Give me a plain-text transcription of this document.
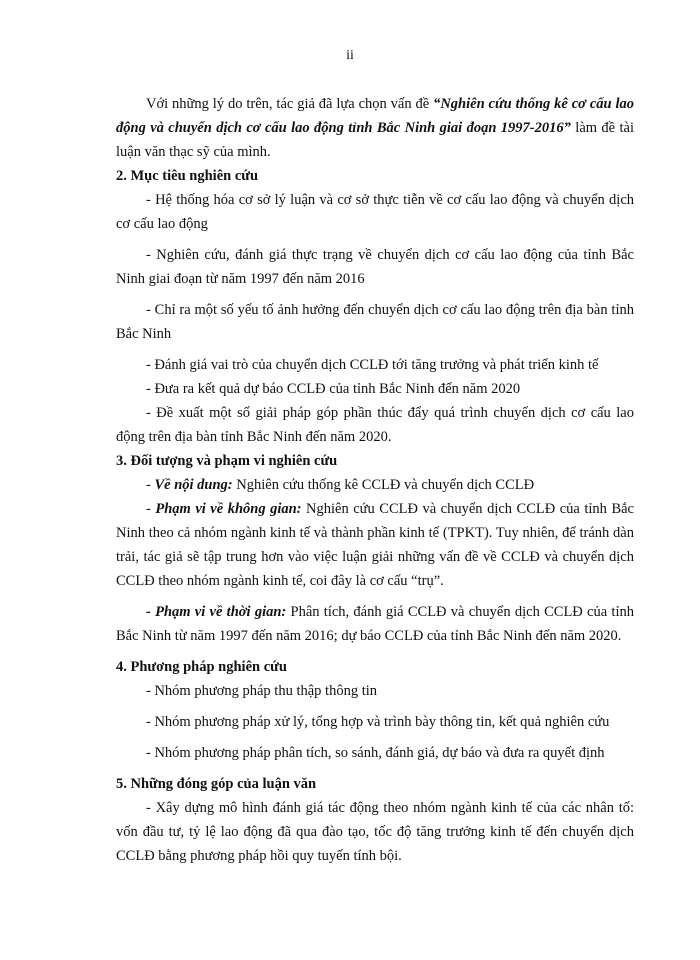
ii

Với những lý do trên, tác giả đã lựa chọn vấn đề “Nghiên cứu thống kê cơ cấu lao động và chuyển dịch cơ cấu lao động tỉnh Bắc Ninh giai đoạn 1997-2016” làm đề tài luận văn thạc sỹ của mình.

2. Mục tiêu nghiên cứu

- Hệ thống hóa cơ sở lý luận và cơ sở thực tiễn về cơ cấu lao động và chuyển dịch cơ cấu lao động

- Nghiên cứu, đánh giá thực trạng về chuyển dịch cơ cấu lao động của tỉnh Bắc Ninh giai đoạn từ năm 1997 đến năm 2016

- Chỉ ra một số yếu tố ảnh hưởng đến chuyển dịch cơ cấu lao động trên địa bàn tỉnh Bắc Ninh

- Đánh giá vai trò của chuyển dịch CCLĐ tới tăng trưởng và phát triển kinh tế

- Đưa ra kết quả dự báo CCLĐ của tỉnh Bắc Ninh đến năm 2020

- Đề xuất một số giải pháp góp phần thúc đẩy quá trình chuyển dịch cơ cấu lao động trên địa bàn tỉnh Bắc Ninh đến năm 2020.

3. Đối tượng và phạm vi nghiên cứu

- Về nội dung: Nghiên cứu thống kê CCLĐ và chuyển dịch CCLĐ

- Phạm vi về không gian: Nghiên cứu CCLĐ và chuyển dịch CCLĐ của tỉnh Bắc Ninh theo cả nhóm ngành kinh tế và thành phần kinh tế (TPKT). Tuy nhiên, để tránh dàn trải, tác giả sẽ tập trung hơn vào việc luận giải những vấn đề về CCLĐ và chuyển dịch CCLĐ theo nhóm ngành kinh tế, coi đây là cơ cấu “trụ”.

- Phạm vi về thời gian: Phân tích, đánh giá CCLĐ và chuyển dịch CCLĐ của tỉnh Bắc Ninh từ năm 1997 đến năm 2016; dự báo CCLĐ của tỉnh Bắc Ninh đến năm 2020.

4. Phương pháp nghiên cứu

- Nhóm phương pháp thu thập thông tin

- Nhóm phương pháp xử lý, tổng hợp và trình bày thông tin, kết quả nghiên cứu

- Nhóm phương pháp phân tích, so sánh, đánh giá, dự báo và đưa ra quyết định

5. Những đóng góp của luận văn

- Xây dựng mô hình đánh giá tác động theo nhóm ngành kinh tế của các nhân tố: vốn đầu tư, tỷ lệ lao động đã qua đào tạo, tốc độ tăng trưởng kinh tế đến chuyển dịch CCLĐ bằng phương pháp hồi quy tuyến tính bội.
